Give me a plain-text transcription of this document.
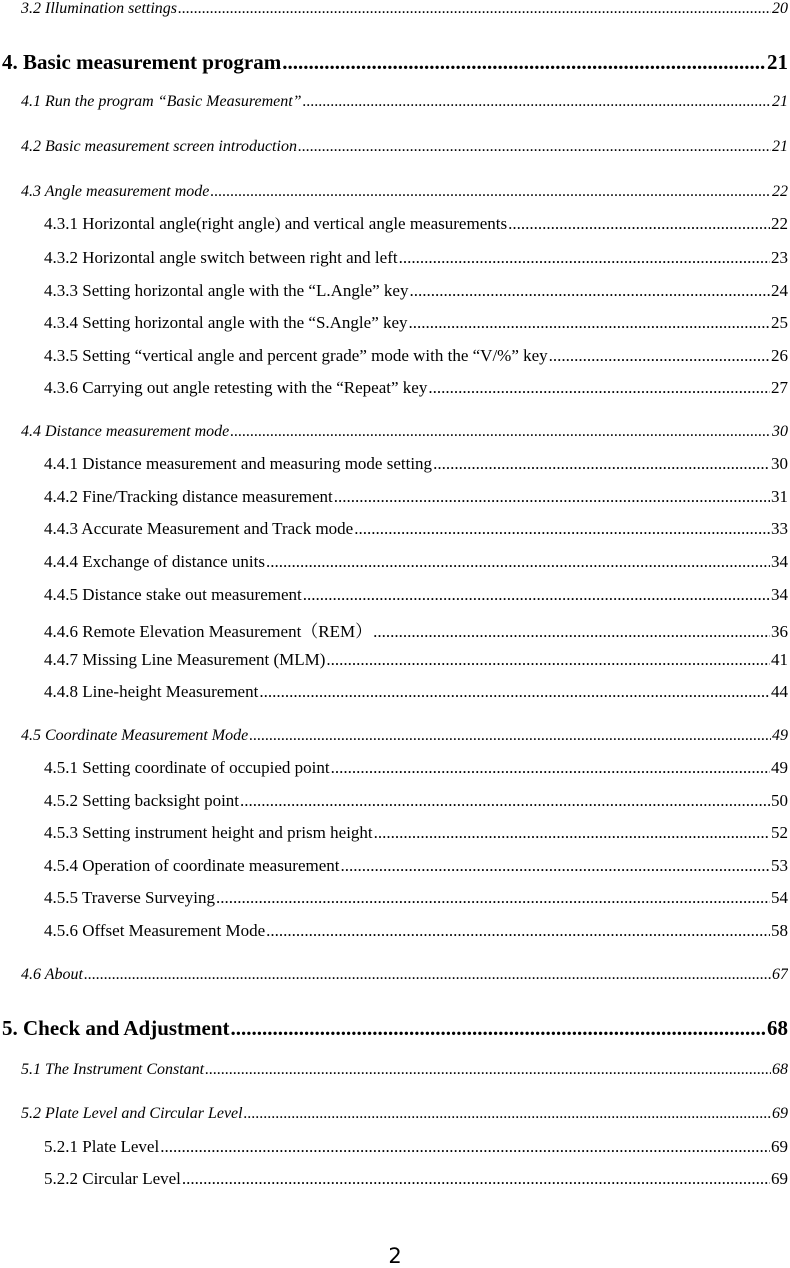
3.2 Illumination settings .....	20
4. Basic measurement program .....	21
4.1 Run the program “Basic Measurement” .....	21
4.2 Basic measurement screen introduction .....	21
4.3 Angle measurement mode .....	22
4.3.1 Horizontal angle(right angle) and vertical angle measurements .....	22
4.3.2 Horizontal angle switch between right and left .....	23
4.3.3 Setting horizontal angle with the “L.Angle” key .....	24
4.3.4 Setting horizontal angle with the “S.Angle” key .....	25
4.3.5 Setting “vertical angle and percent grade” mode with the “V/%” key .....	26
4.3.6 Carrying out angle retesting with the “Repeat” key .....	27
4.4 Distance measurement mode .....	30
4.4.1 Distance measurement and measuring mode setting .....	30
4.4.2 Fine/Tracking distance measurement .....	31
4.4.3 Accurate Measurement and Track mode .....	33
4.4.4 Exchange of distance units .....	34
4.4.5 Distance stake out measurement .....	34
4.4.6 Remote Elevation Measurement（REM） .....	36
4.4.7 Missing Line Measurement (MLM) .....	41
4.4.8 Line-height Measurement .....	44
4.5 Coordinate Measurement Mode .....	49
4.5.1 Setting coordinate of occupied point .....	49
4.5.2 Setting backsight point .....	50
4.5.3 Setting instrument height and prism height .....	52
4.5.4 Operation of coordinate measurement .....	53
4.5.5 Traverse Surveying .....	54
4.5.6 Offset Measurement Mode .....	58
4.6 About .....	67
5. Check and Adjustment .....	68
5.1 The Instrument Constant .....	68
5.2 Plate Level and Circular Level .....	69
5.2.1 Plate Level .....	69
5.2.2 Circular Level .....	69
2
